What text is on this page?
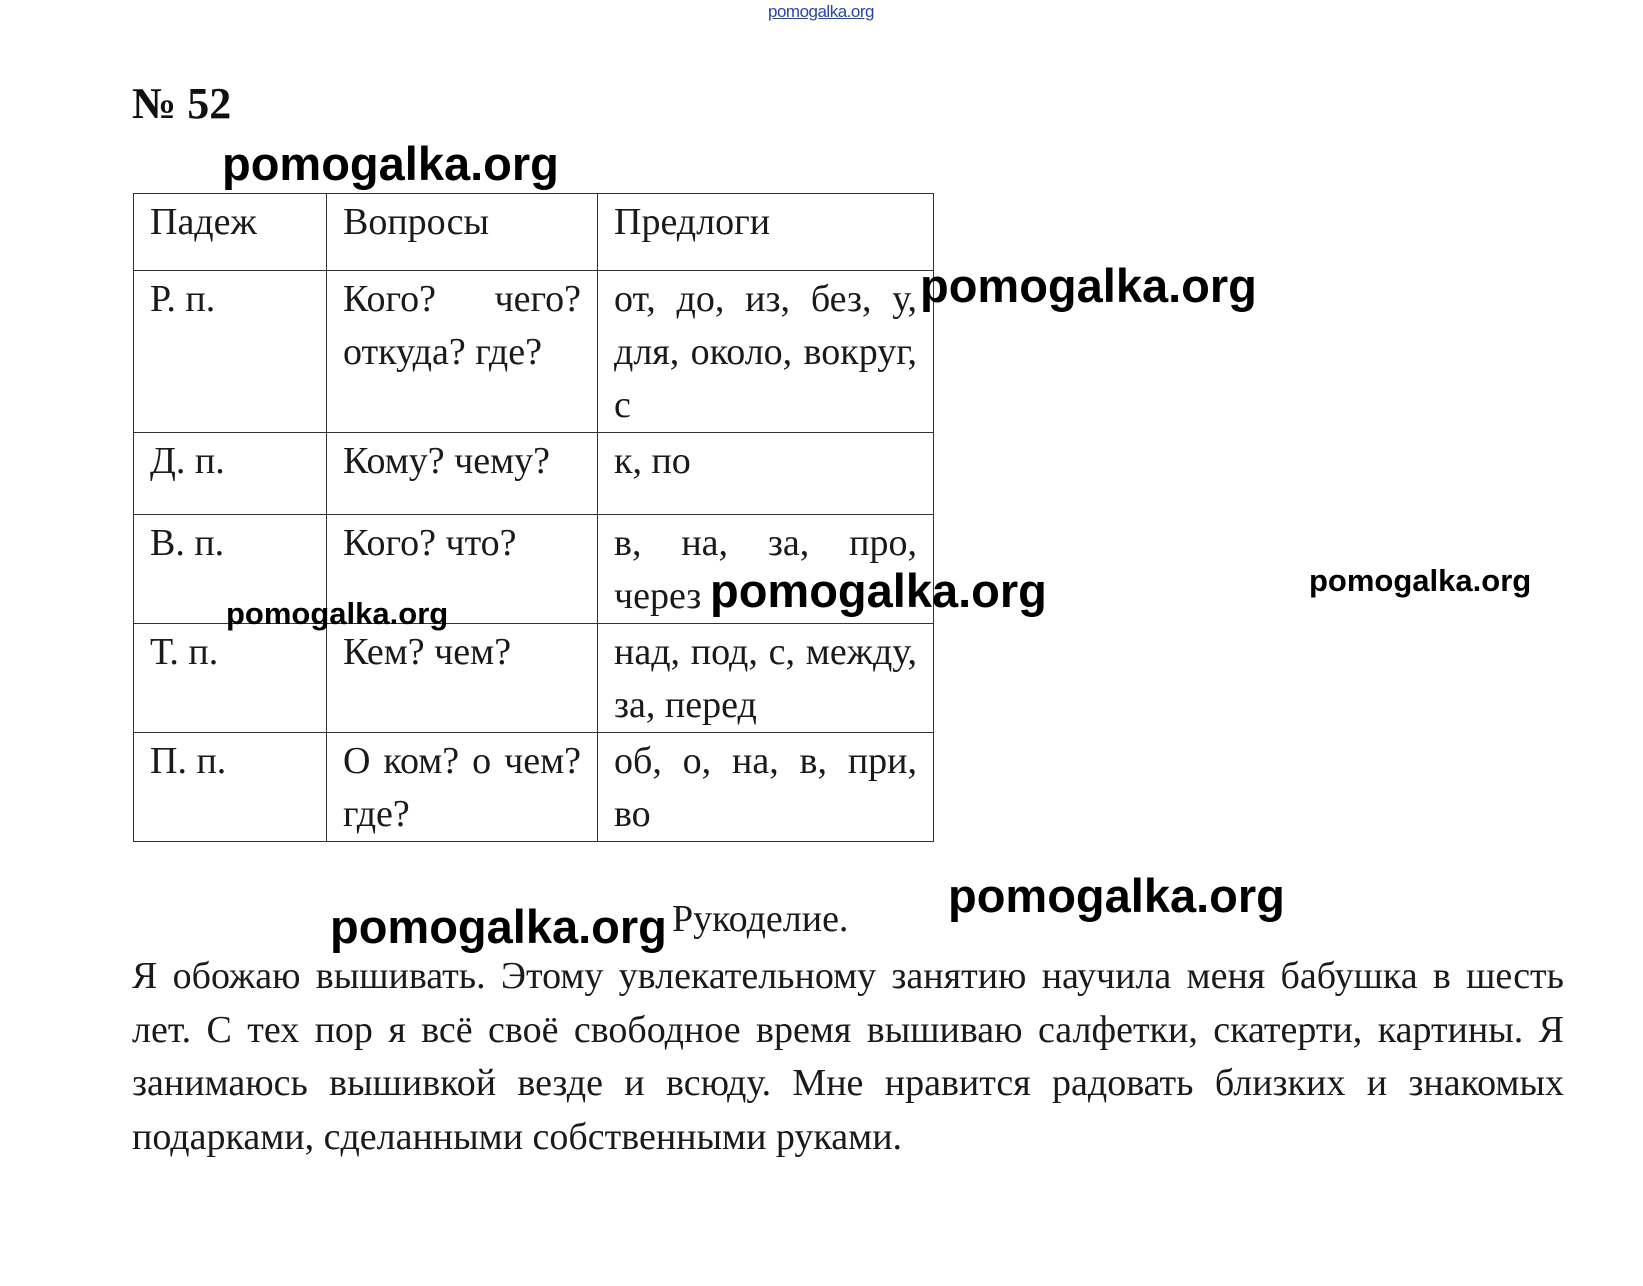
pomogalka.org
№ 52
Падеж	Вопросы	Предлоги

Р. п.	Кого? чего? откуда? где?	от, до, из, без, у, для, около, вокруг, с

Д. п.	Кому? чему?	к, по

В. п.	Кого? что?	в, на, за, про, через

Т. п.	Кем? чем?	над, под, с, между, за, перед

П. п.	О ком? о чем? где?	об, о, на, в, при, во
Рукоделие.

Я обожаю вышивать. Этому увлекательному занятию научила меня бабушка в шесть лет. С тех пор я всё своё свободное время вышиваю салфетки, скатерти, картины. Я занимаюсь вышивкой везде и всюду. Мне нравится радовать близких и знакомых подарками, сделанными собственными руками.

pomogalka.org
pomogalka.org
pomogalka.org	pomogalka.org
pomogalka.org
pomogalka.org
pomogalka.org
